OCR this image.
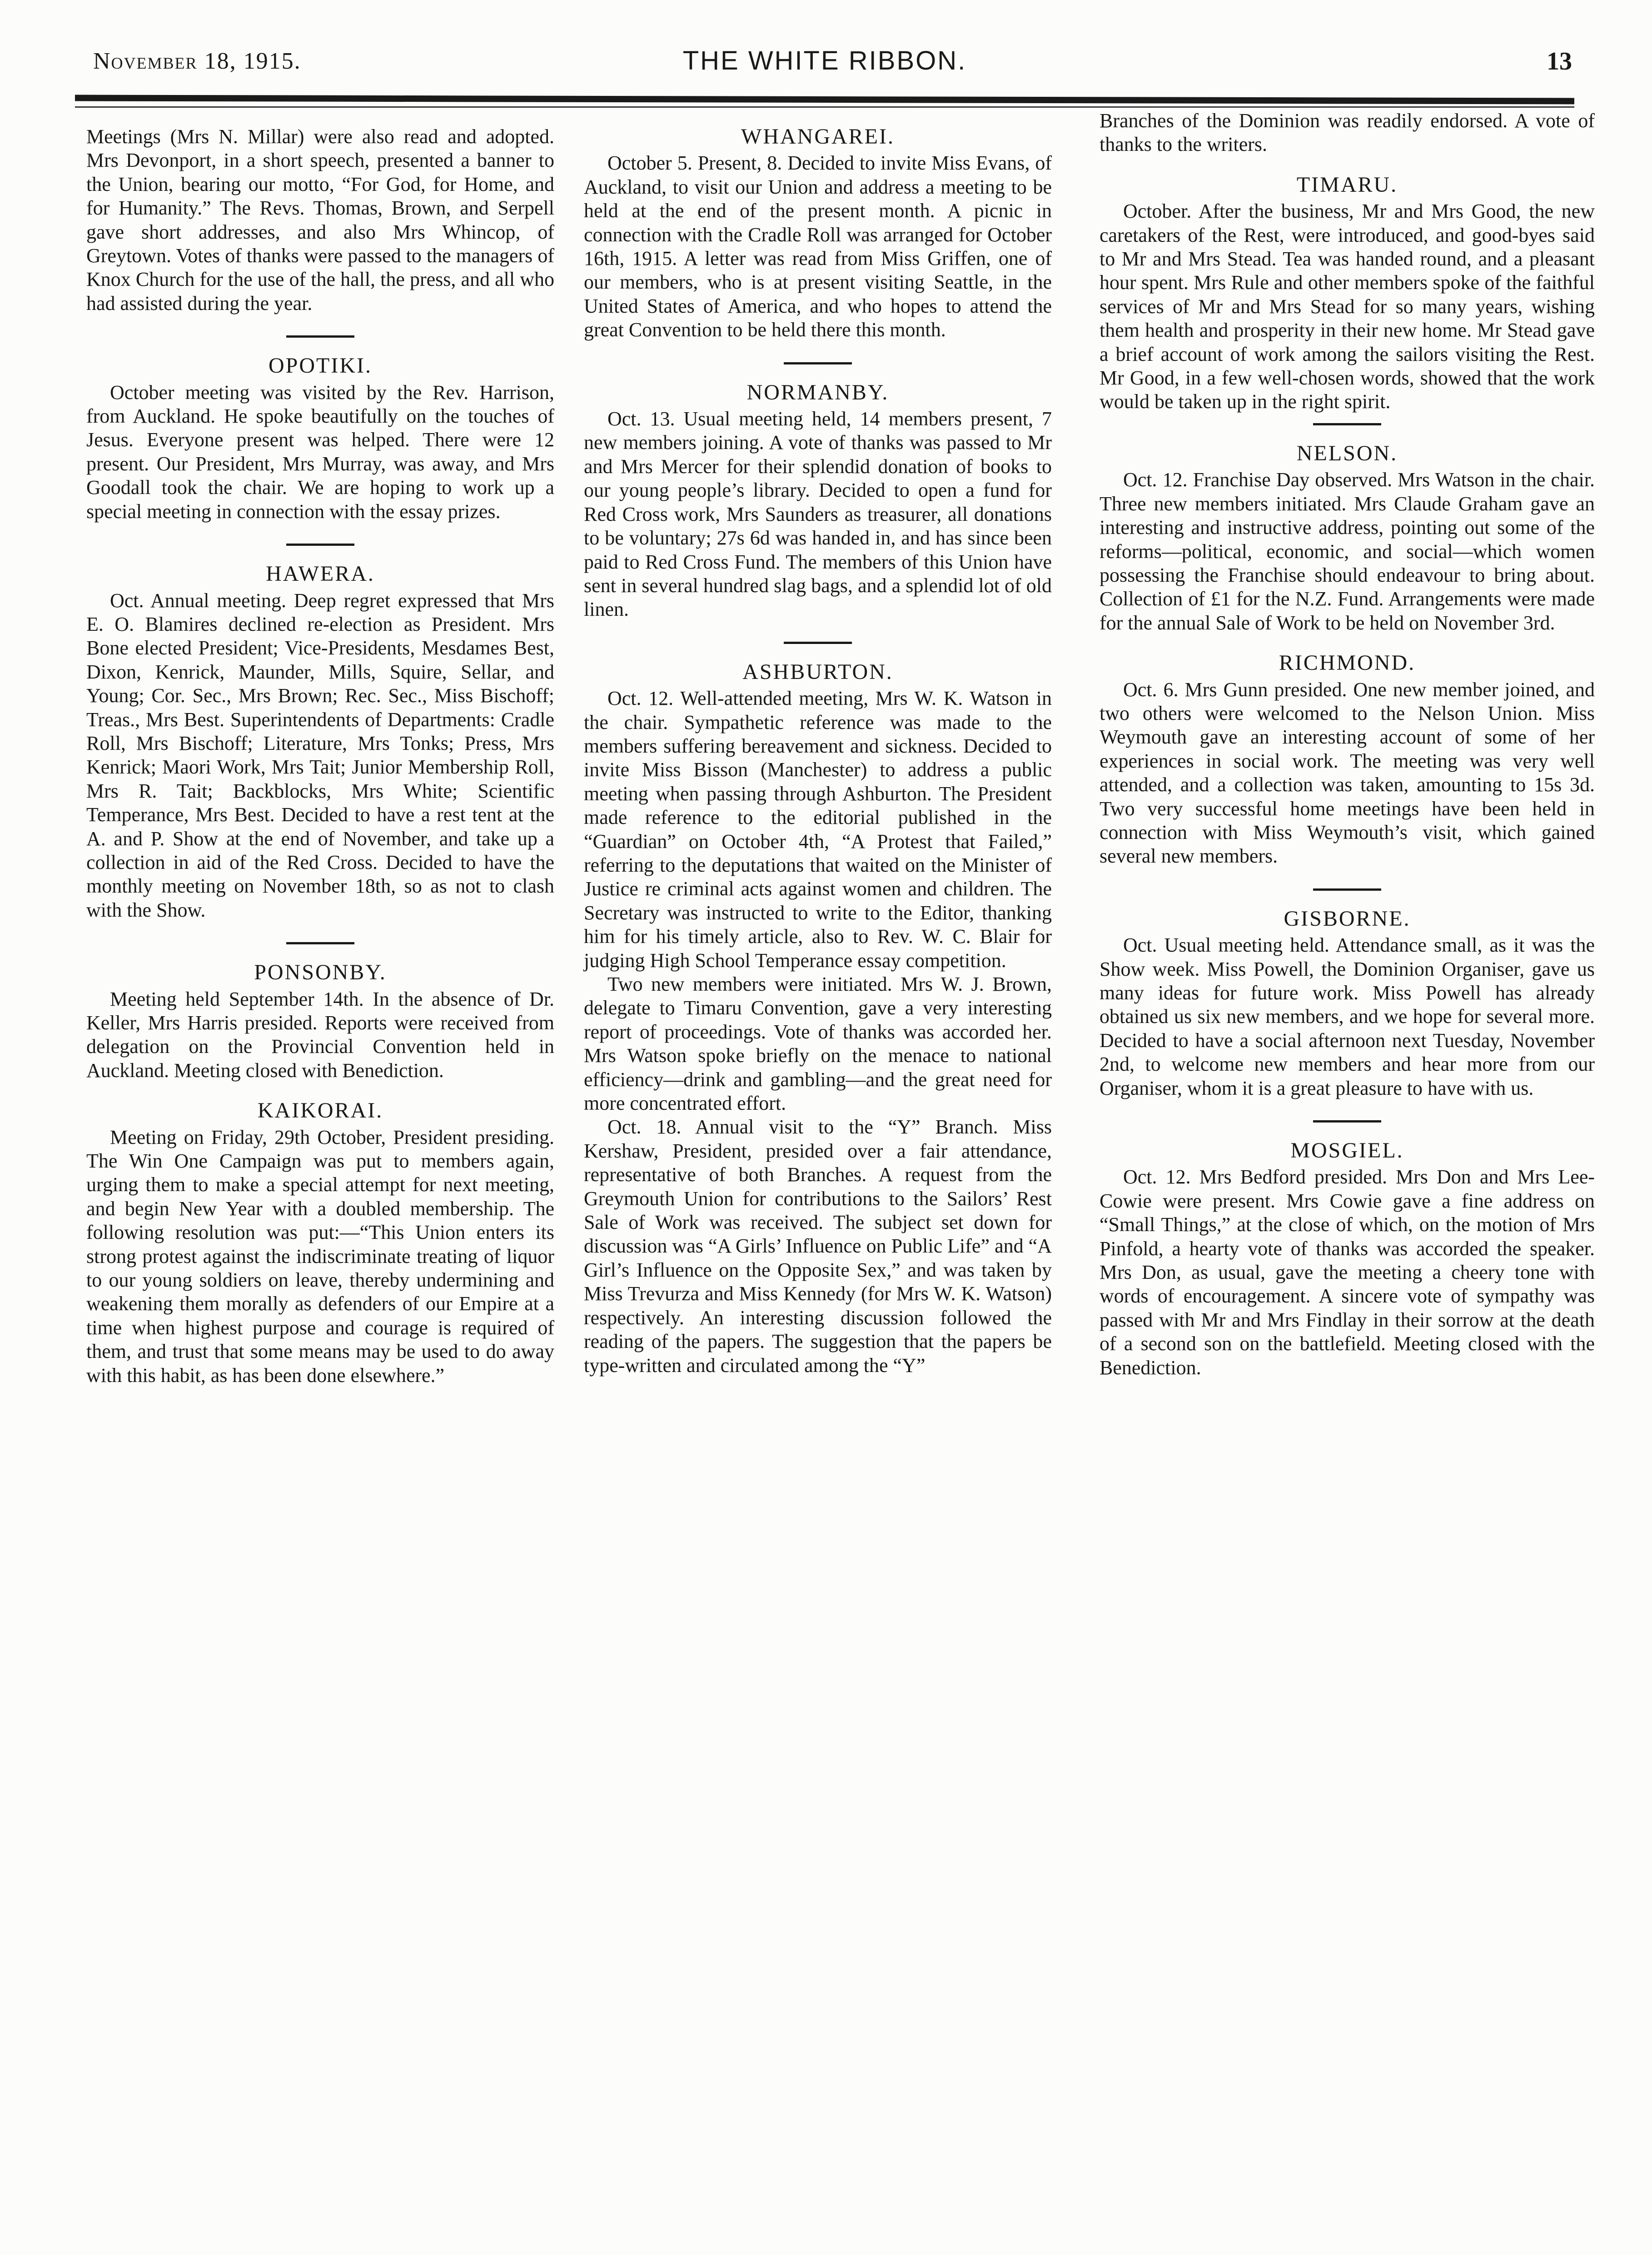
November 18, 1915.	THE WHITE RIBBON.	13

Meetings (Mrs N. Millar) were also read and adopted. Mrs Devonport, in a short speech, presented a banner to the Union, bearing our motto, “For God, for Home, and for Humanity.” The Revs. Thomas, Brown, and Serpell gave short addresses, and also Mrs Whincop, of Greytown. Votes of thanks were passed to the managers of Knox Church for the use of the hall, the press, and all who had assisted during the year.

OPOTIKI.

October meeting was visited by the Rev. Harrison, from Auckland. He spoke beautifully on the touches of Jesus. Everyone present was helped. There were 12 present. Our President, Mrs Murray, was away, and Mrs Goodall took the chair. We are hoping to work up a special meeting in connection with the essay prizes.

HAWERA.

Oct. Annual meeting. Deep regret expressed that Mrs E. O. Blamires declined re-election as President. Mrs Bone elected President; Vice-Presidents, Mesdames Best, Dixon, Kenrick, Maunder, Mills, Squire, Sellar, and Young; Cor. Sec., Mrs Brown; Rec. Sec., Miss Bischoff; Treas., Mrs Best. Superintendents of Departments: Cradle Roll, Mrs Bischoff; Literature, Mrs Tonks; Press, Mrs Kenrick; Maori Work, Mrs Tait; Junior Membership Roll, Mrs R. Tait; Backblocks, Mrs White; Scientific Temperance, Mrs Best. Decided to have a rest tent at the A. and P. Show at the end of November, and take up a collection in aid of the Red Cross. Decided to have the monthly meeting on November 18th, so as not to clash with the Show.

PONSONBY.

Meeting held September 14th. In the absence of Dr. Keller, Mrs Harris presided. Reports were received from delegation on the Provincial Convention held in Auckland. Meeting closed with Benediction.

KAIKORAI.

Meeting on Friday, 29th October, President presiding. The Win One Campaign was put to members again, urging them to make a special attempt for next meeting, and begin New Year with a doubled membership. The following resolution was put:—“This Union enters its strong protest against the indiscriminate treating of liquor to our young soldiers on leave, thereby undermining and weakening them morally as defenders of our Empire at a time when highest purpose and courage is required of them, and trust that some means may be used to do away with this habit, as has been done elsewhere.”

WHANGAREI.

October 5. Present, 8. Decided to invite Miss Evans, of Auckland, to visit our Union and address a meeting to be held at the end of the present month. A picnic in connection with the Cradle Roll was arranged for October 16th, 1915. A letter was read from Miss Griffen, one of our members, who is at present visiting Seattle, in the United States of America, and who hopes to attend the great Convention to be held there this month.

NORMANBY.

Oct. 13. Usual meeting held, 14 members present, 7 new members joining. A vote of thanks was passed to Mr and Mrs Mercer for their splendid donation of books to our young people’s library. Decided to open a fund for Red Cross work, Mrs Saunders as treasurer, all donations to be voluntary; 27s 6d was handed in, and has since been paid to Red Cross Fund. The members of this Union have sent in several hundred slag bags, and a splendid lot of old linen.

ASHBURTON.

Oct. 12. Well-attended meeting, Mrs W. K. Watson in the chair. Sympathetic reference was made to the members suffering bereavement and sickness. Decided to invite Miss Bisson (Manchester) to address a public meeting when passing through Ashburton. The President made reference to the editorial published in the “Guardian” on October 4th, “A Protest that Failed,” referring to the deputations that waited on the Minister of Justice re criminal acts against women and children. The Secretary was instructed to write to the Editor, thanking him for his timely article, also to Rev. W. C. Blair for judging High School Temperance essay competition.

Two new members were initiated. Mrs W. J. Brown, delegate to Timaru Convention, gave a very interesting report of proceedings. Vote of thanks was accorded her. Mrs Watson spoke briefly on the menace to national efficiency—drink and gambling—and the great need for more concentrated effort.

Oct. 18. Annual visit to the “Y” Branch. Miss Kershaw, President, presided over a fair attendance, representative of both Branches. A request from the Greymouth Union for contributions to the Sailors’ Rest Sale of Work was received. The subject set down for discussion was “A Girls’ Influence on Public Life” and “A Girl’s Influence on the Opposite Sex,” and was taken by Miss Trevurza and Miss Kennedy (for Mrs W. K. Watson) respectively. An interesting discussion followed the reading of the papers. The suggestion that the papers be type-written and circulated among the “Y”

Branches of the Dominion was readily endorsed. A vote of thanks to the writers.

TIMARU.

October. After the business, Mr and Mrs Good, the new caretakers of the Rest, were introduced, and good-byes said to Mr and Mrs Stead. Tea was handed round, and a pleasant hour spent. Mrs Rule and other members spoke of the faithful services of Mr and Mrs Stead for so many years, wishing them health and prosperity in their new home. Mr Stead gave a brief account of work among the sailors visiting the Rest. Mr Good, in a few well-chosen words, showed that the work would be taken up in the right spirit.

NELSON.

Oct. 12. Franchise Day observed. Mrs Watson in the chair. Three new members initiated. Mrs Claude Graham gave an interesting and instructive address, pointing out some of the reforms—political, economic, and social—which women possessing the Franchise should endeavour to bring about. Collection of £1 for the N.Z. Fund. Arrangements were made for the annual Sale of Work to be held on November 3rd.

RICHMOND.

Oct. 6. Mrs Gunn presided. One new member joined, and two others were welcomed to the Nelson Union. Miss Weymouth gave an interesting account of some of her experiences in social work. The meeting was very well attended, and a collection was taken, amounting to 15s 3d. Two very successful home meetings have been held in connection with Miss Weymouth’s visit, which gained several new members.

GISBORNE.

Oct. Usual meeting held. Attendance small, as it was the Show week. Miss Powell, the Dominion Organiser, gave us many ideas for future work. Miss Powell has already obtained us six new members, and we hope for several more. Decided to have a social afternoon next Tuesday, November 2nd, to welcome new members and hear more from our Organiser, whom it is a great pleasure to have with us.

MOSGIEL.

Oct. 12. Mrs Bedford presided. Mrs Don and Mrs Lee-Cowie were present. Mrs Cowie gave a fine address on “Small Things,” at the close of which, on the motion of Mrs Pinfold, a hearty vote of thanks was accorded the speaker. Mrs Don, as usual, gave the meeting a cheery tone with words of encouragement. A sincere vote of sympathy was passed with Mr and Mrs Findlay in their sorrow at the death of a second son on the battlefield. Meeting closed with the Benediction.
